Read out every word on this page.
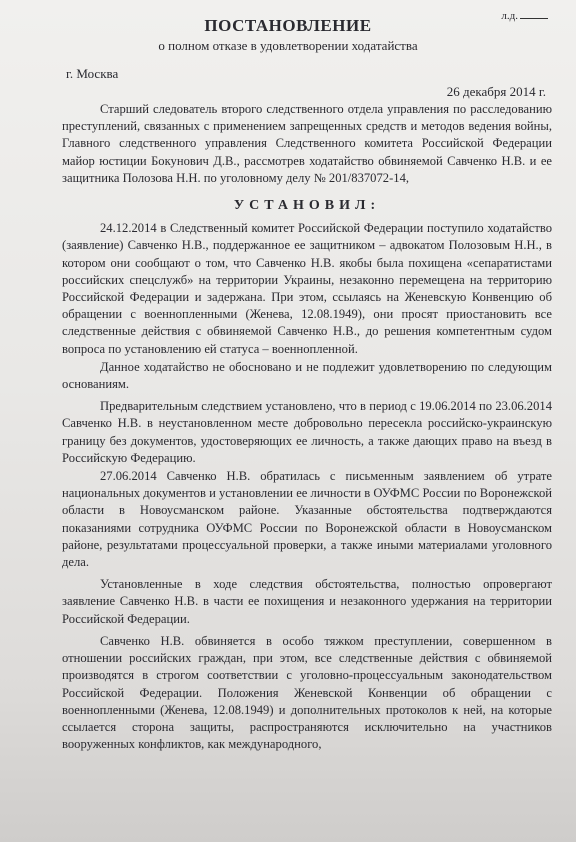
л.д.
ПОСТАНОВЛЕНИЕ
о полном отказе в удовлетворении ходатайства
г. Москва
26 декабря 2014 г.

Старший следователь второго следственного отдела управления по расследованию преступлений, связанных с применением запрещенных средств и методов ведения войны, Главного следственного управления Следственного комитета Российской Федерации майор юстиции Бокунович Д.В., рассмотрев ходатайство обвиняемой Савченко Н.В. и ее защитника Полозова Н.Н. по уголовному делу № 201/837072-14,

УСТАНОВИЛ:

24.12.2014 в Следственный комитет Российской Федерации поступило ходатайство (заявление) Савченко Н.В., поддержанное ее защитником – адвокатом Полозовым Н.Н., в котором они сообщают о том, что Савченко Н.В. якобы была похищена «сепаратистами российских спецслужб» на территории Украины, незаконно перемещена на территорию Российской Федерации и задержана. При этом, ссылаясь на Женевскую Конвенцию об обращении с военнопленными (Женева, 12.08.1949), они просят приостановить все следственные действия с обвиняемой Савченко Н.В., до решения компетентным судом вопроса по установлению ей статуса – военнопленной.

Данное ходатайство не обосновано и не подлежит удовлетворению по следующим основаниям.

Предварительным следствием установлено, что в период с 19.06.2014 по 23.06.2014 Савченко Н.В. в неустановленном месте добровольно пересекла российско-украинскую границу без документов, удостоверяющих ее личность, а также дающих право на въезд в Российскую Федерацию.

27.06.2014 Савченко Н.В. обратилась с письменным заявлением об утрате национальных документов и установлении ее личности в ОУФМС России по Воронежской области в Новоусманском районе. Указанные обстоятельства подтверждаются показаниями сотрудника ОУФМС России по Воронежской области в Новоусманском районе, результатами процессуальной проверки, а также иными материалами уголовного дела.

Установленные в ходе следствия обстоятельства, полностью опровергают заявление Савченко Н.В. в части ее похищения и незаконного удержания на территории Российской Федерации.

Савченко Н.В. обвиняется в особо тяжком преступлении, совершенном в отношении российских граждан, при этом, все следственные действия с обвиняемой производятся в строгом соответствии с уголовно-процессуальным законодательством Российской Федерации. Положения Женевской Конвенции об обращении с военнопленными (Женева, 12.08.1949) и дополнительных протоколов к ней, на которые ссылается сторона защиты, распространяются исключительно на участников вооруженных конфликтов, как международного,
